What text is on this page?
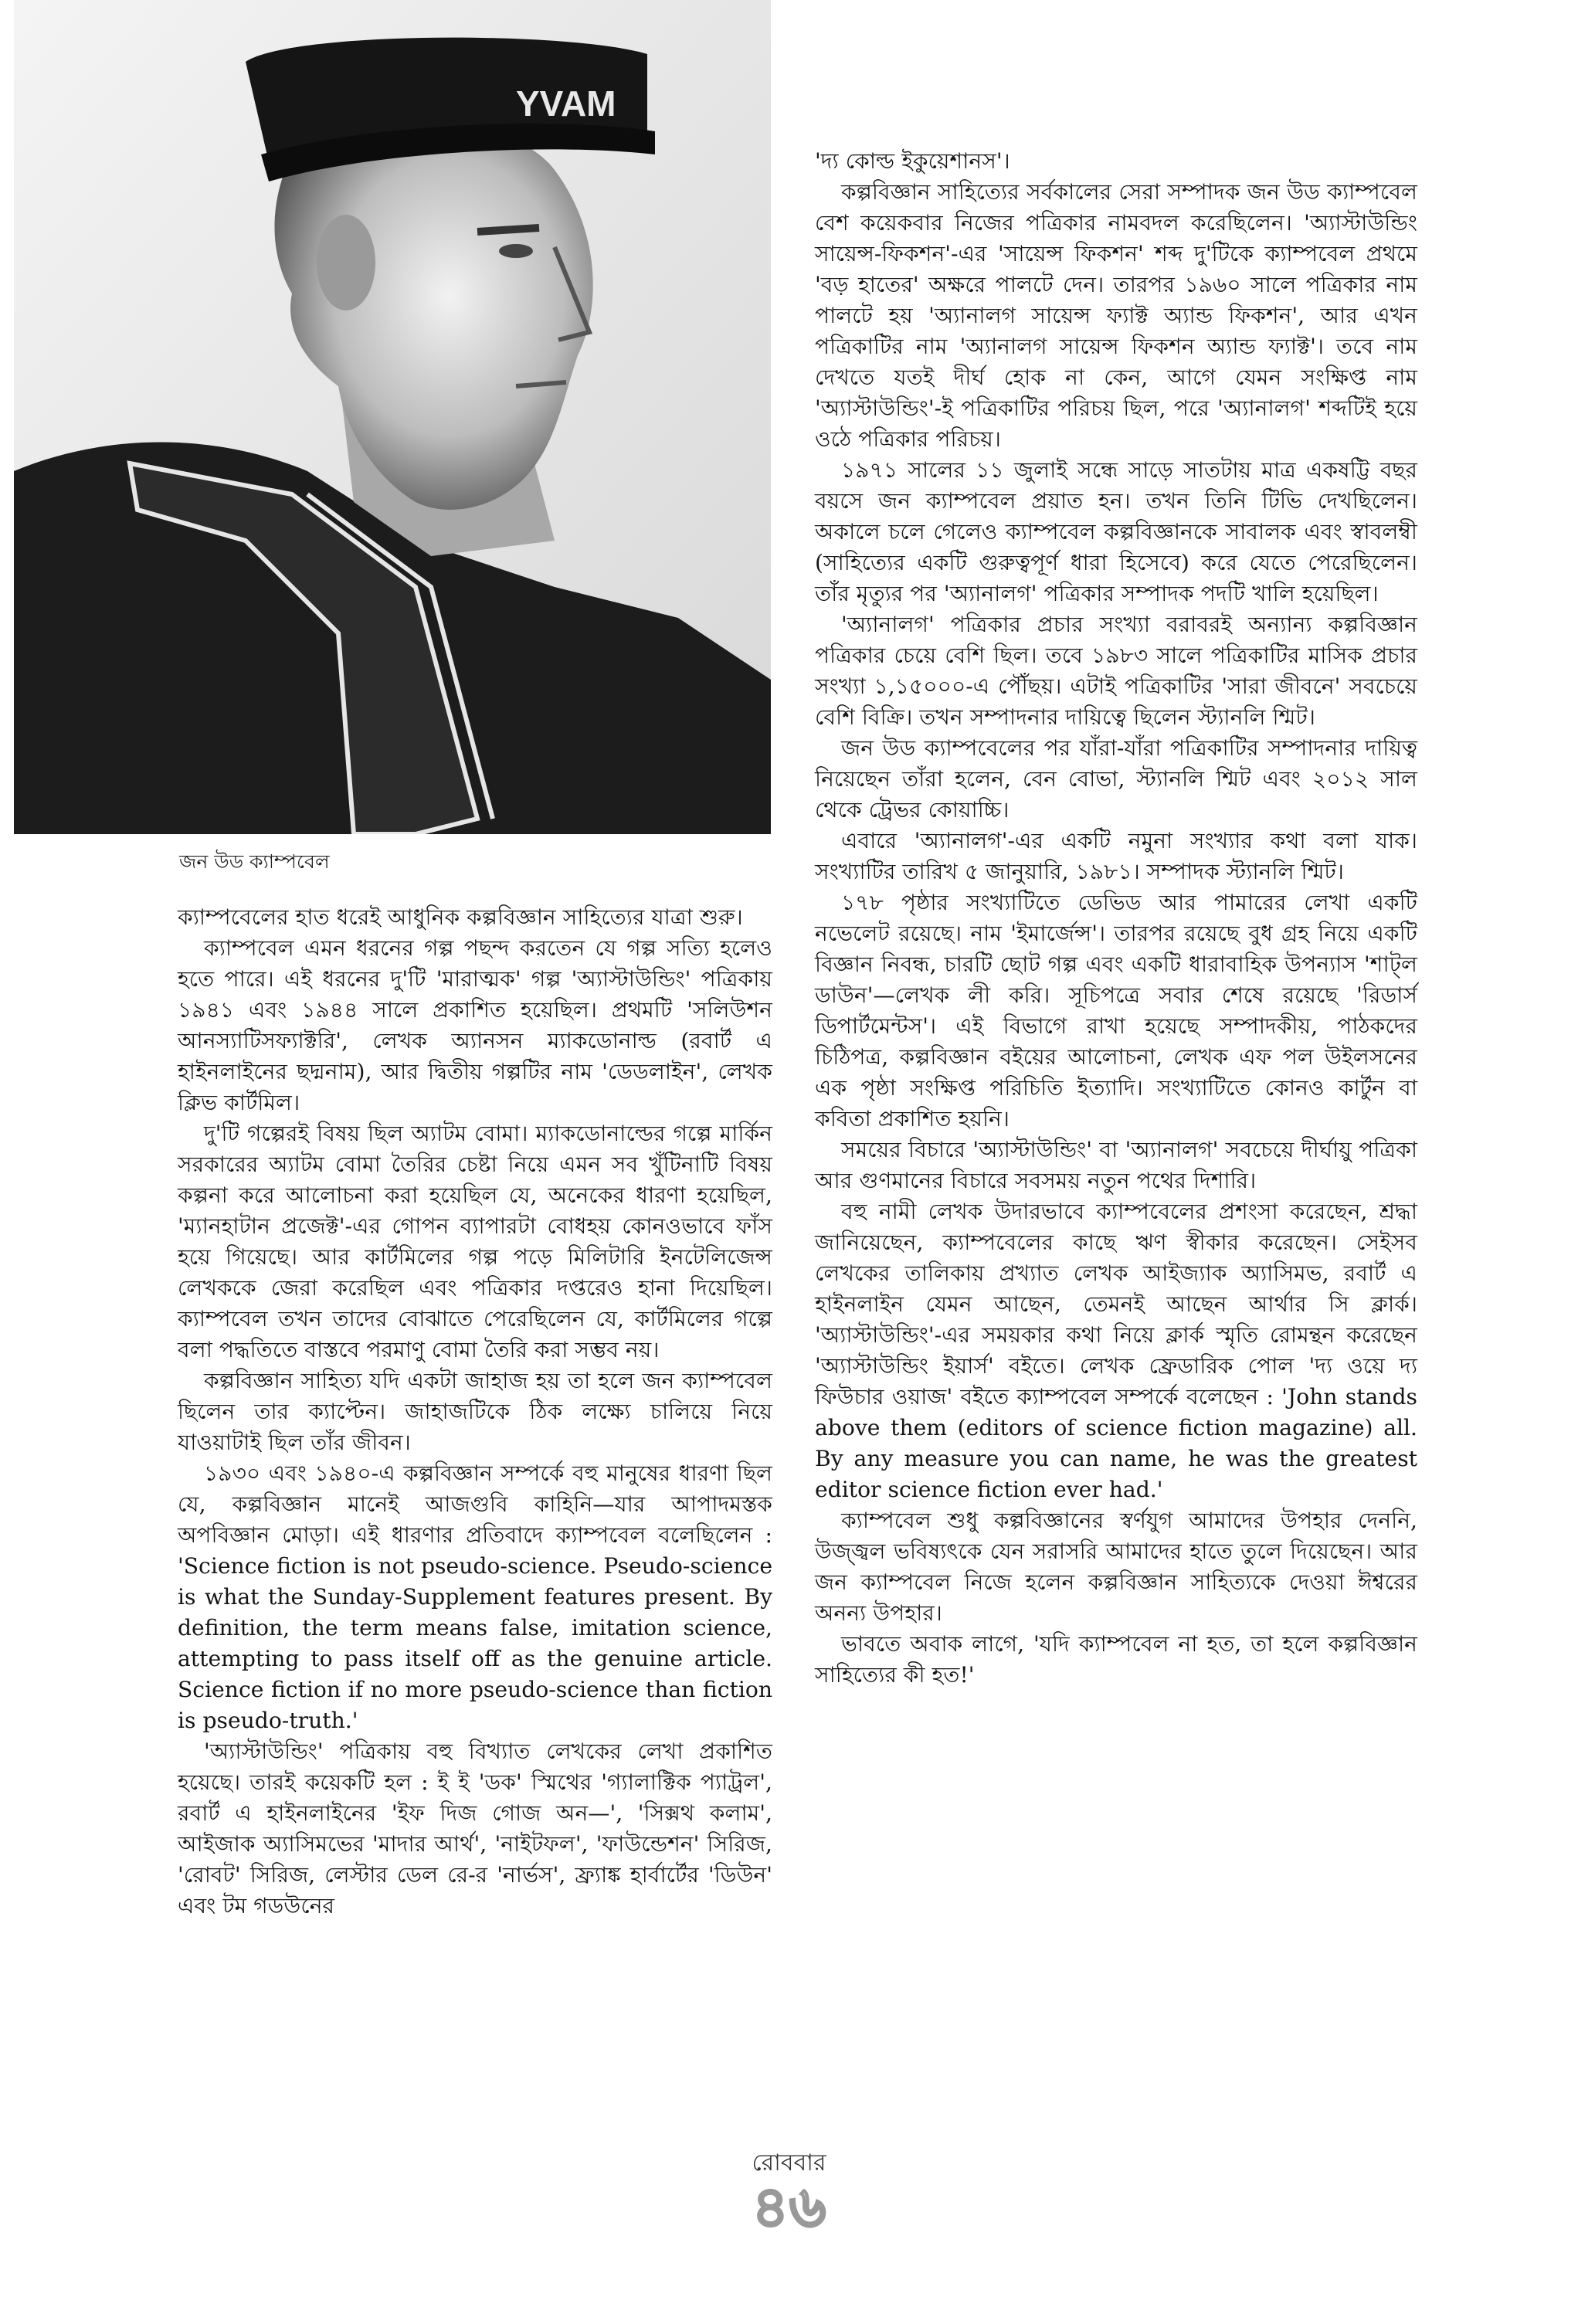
YVAM
জন উড ক্যাম্পবেল

ক্যাম্পবেলের হাত ধরেই আধুনিক কল্পবিজ্ঞান সাহিত্যের যাত্রা শুরু।

ক্যাম্পবেল এমন ধরনের গল্প পছন্দ করতেন যে গল্প সত্যি হলেও হতে পারে। এই ধরনের দু'টি 'মারাত্মক' গল্প 'অ্যাস্টাউন্ডিং' পত্রিকায় ১৯৪১ এবং ১৯৪৪ সালে প্রকাশিত হয়েছিল। প্রথমটি 'সলিউশন আনস্যাটিসফ্যাক্টরি', লেখক অ্যানসন ম্যাকডোনাল্ড (রবার্ট এ হাইনলাইনের ছদ্মনাম), আর দ্বিতীয় গল্পটির নাম 'ডেডলাইন', লেখক ক্লিভ কার্টমিল।

দু'টি গল্পেরই বিষয় ছিল অ্যাটম বোমা। ম্যাকডোনাল্ডের গল্পে মার্কিন সরকারের অ্যাটম বোমা তৈরির চেষ্টা নিয়ে এমন সব খুঁটিনাটি বিষয় কল্পনা করে আলোচনা করা হয়েছিল যে, অনেকের ধারণা হয়েছিল, 'ম্যানহাটান প্রজেক্ট'-এর গোপন ব্যাপারটা বোধহয় কোনওভাবে ফাঁস হয়ে গিয়েছে। আর কার্টমিলের গল্প পড়ে মিলিটারি ইনটেলিজেন্স লেখককে জেরা করেছিল এবং পত্রিকার দপ্তরেও হানা দিয়েছিল। ক্যাম্পবেল তখন তাদের বোঝাতে পেরেছিলেন যে, কার্টমিলের গল্পে বলা পদ্ধতিতে বাস্তবে পরমাণু বোমা তৈরি করা সম্ভব নয়।

কল্পবিজ্ঞান সাহিত্য যদি একটা জাহাজ হয় তা হলে জন ক্যাম্পবেল ছিলেন তার ক্যাপ্টেন। জাহাজটিকে ঠিক লক্ষ্যে চালিয়ে নিয়ে যাওয়াটাই ছিল তাঁর জীবন।

১৯৩০ এবং ১৯৪০-এ কল্পবিজ্ঞান সম্পর্কে বহু মানুষের ধারণা ছিল যে, কল্পবিজ্ঞান মানেই আজগুবি কাহিনি—যার আপাদমস্তক অপবিজ্ঞান মোড়া। এই ধারণার প্রতিবাদে ক্যাম্পবেল বলেছিলেন : 'Science fiction is not pseudo-science. Pseudo-science is what the Sunday-Supplement features present. By definition, the term means false, imitation science, attempting to pass itself off as the genuine article. Science fiction if no more pseudo-science than fiction is pseudo-truth.'

'অ্যাস্টাউন্ডিং' পত্রিকায় বহু বিখ্যাত লেখকের লেখা প্রকাশিত হয়েছে। তারই কয়েকটি হল : ই ই 'ডক' স্মিথের 'গ্যালাক্টিক প্যাট্রল', রবার্ট এ হাইনলাইনের 'ইফ দিজ গোজ অন—', 'সিক্সথ কলাম', আইজাক অ্যাসিমভের 'মাদার আর্থ', 'নাইটফল', 'ফাউন্ডেশন' সিরিজ, 'রোবট' সিরিজ, লেস্টার ডেল রে-র 'নার্ভস', ফ্র্যাঙ্ক হার্বার্টের 'ডিউন' এবং টম গডউনের

'দ্য কোল্ড ইকুয়েশানস'।

কল্পবিজ্ঞান সাহিত্যের সর্বকালের সেরা সম্পাদক জন উড ক্যাম্পবেল বেশ কয়েকবার নিজের পত্রিকার নামবদল করেছিলেন। 'অ্যাস্টাউন্ডিং সায়েন্স-ফিকশন'-এর 'সায়েন্স ফিকশন' শব্দ দু'টিকে ক্যাম্পবেল প্রথমে 'বড় হাতের' অক্ষরে পালটে দেন। তারপর ১৯৬০ সালে পত্রিকার নাম পালটে হয় 'অ্যানালগ সায়েন্স ফ্যাক্ট অ্যান্ড ফিকশন', আর এখন পত্রিকাটির নাম 'অ্যানালগ সায়েন্স ফিকশন অ্যান্ড ফ্যাক্ট'। তবে নাম দেখতে যতই দীর্ঘ হোক না কেন, আগে যেমন সংক্ষিপ্ত নাম 'অ্যাস্টাউন্ডিং'-ই পত্রিকাটির পরিচয় ছিল, পরে 'অ্যানালগ' শব্দটিই হয়ে ওঠে পত্রিকার পরিচয়।

১৯৭১ সালের ১১ জুলাই সন্ধে সাড়ে সাতটায় মাত্র একষট্টি বছর বয়সে জন ক্যাম্পবেল প্রয়াত হন। তখন তিনি টিভি দেখছিলেন। অকালে চলে গেলেও ক্যাম্পবেল কল্পবিজ্ঞানকে সাবালক এবং স্বাবলম্বী (সাহিত্যের একটি গুরুত্বপূর্ণ ধারা হিসেবে) করে যেতে পেরেছিলেন। তাঁর মৃত্যুর পর 'অ্যানালগ' পত্রিকার সম্পাদক পদটি খালি হয়েছিল।

'অ্যানালগ' পত্রিকার প্রচার সংখ্যা বরাবরই অন্যান্য কল্পবিজ্ঞান পত্রিকার চেয়ে বেশি ছিল। তবে ১৯৮৩ সালে পত্রিকাটির মাসিক প্রচার সংখ্যা ১,১৫০০০-এ পৌঁছয়। এটাই পত্রিকাটির 'সারা জীবনে' সবচেয়ে বেশি বিক্রি। তখন সম্পাদনার দায়িত্বে ছিলেন স্ট্যানলি শ্মিট।

জন উড ক্যাম্পবেলের পর যাঁরা-যাঁরা পত্রিকাটির সম্পাদনার দায়িত্ব নিয়েছেন তাঁরা হলেন, বেন বোভা, স্ট্যানলি শ্মিট এবং ২০১২ সাল থেকে ট্রেভর কোয়াচ্চি।

এবারে 'অ্যানালগ'-এর একটি নমুনা সংখ্যার কথা বলা যাক। সংখ্যাটির তারিখ ৫ জানুয়ারি, ১৯৮১। সম্পাদক স্ট্যানলি শ্মিট।

১৭৮ পৃষ্ঠার সংখ্যাটিতে ডেভিড আর পামারের লেখা একটি নভেলেট রয়েছে। নাম 'ইমার্জেন্স'। তারপর রয়েছে বুধ গ্রহ নিয়ে একটি বিজ্ঞান নিবন্ধ, চারটি ছোট গল্প এবং একটি ধারাবাহিক উপন্যাস 'শাট্ল ডাউন'—লেখক লী করি। সূচিপত্রে সবার শেষে রয়েছে 'রিডার্স ডিপার্টমেন্টস'। এই বিভাগে রাখা হয়েছে সম্পাদকীয়, পাঠকদের চিঠিপত্র, কল্পবিজ্ঞান বইয়ের আলোচনা, লেখক এফ পল উইলসনের এক পৃষ্ঠা সংক্ষিপ্ত পরিচিতি ইত্যাদি। সংখ্যাটিতে কোনও কার্টুন বা কবিতা প্রকাশিত হয়নি।

সময়ের বিচারে 'অ্যাস্টাউন্ডিং' বা 'অ্যানালগ' সবচেয়ে দীর্ঘায়ু পত্রিকা আর গুণমানের বিচারে সবসময় নতুন পথের দিশারি।

বহু নামী লেখক উদারভাবে ক্যাম্পবেলের প্রশংসা করেছেন, শ্রদ্ধা জানিয়েছেন, ক্যাম্পবেলের কাছে ঋণ স্বীকার করেছেন। সেইসব লেখকের তালিকায় প্রখ্যাত লেখক আইজ্যাক অ্যাসিমভ, রবার্ট এ হাইনলাইন যেমন আছেন, তেমনই আছেন আর্থার সি ক্লার্ক। 'অ্যাস্টাউন্ডিং'-এর সময়কার কথা নিয়ে ক্লার্ক স্মৃতি রোমন্থন করেছেন 'অ্যাস্টাউন্ডিং ইয়ার্স' বইতে। লেখক ফ্রেডারিক পোল 'দ্য ওয়ে দ্য ফিউচার ওয়াজ' বইতে ক্যাম্পবেল সম্পর্কে বলেছেন : 'John stands above them (editors of science fiction magazine) all. By any measure you can name, he was the greatest editor science fiction ever had.'

ক্যাম্পবেল শুধু কল্পবিজ্ঞানের স্বর্ণযুগ আমাদের উপহার দেননি, উজ্জ্বল ভবিষ্যৎকে যেন সরাসরি আমাদের হাতে তুলে দিয়েছেন। আর জন ক্যাম্পবেল নিজে হলেন কল্পবিজ্ঞান সাহিত্যকে দেওয়া ঈশ্বরের অনন্য উপহার।

ভাবতে অবাক লাগে, 'যদি ক্যাম্পবেল না হত, তা হলে কল্পবিজ্ঞান সাহিত্যের কী হত!'

রোববার
৪৬
